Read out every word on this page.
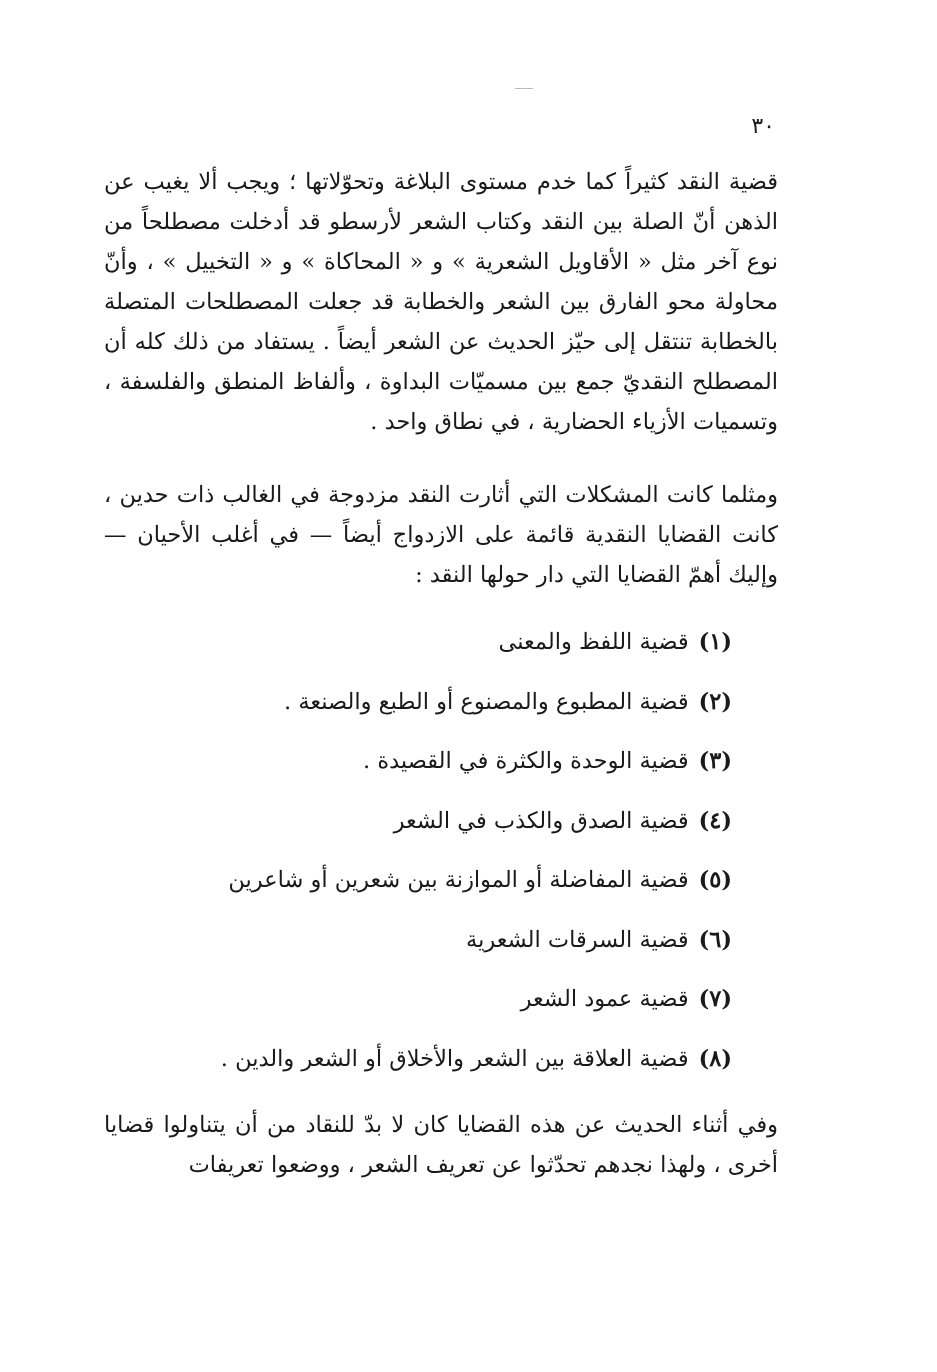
٣٠

قضية النقد كثيراً كما خدم مستوى البلاغة وتحوّلاتها ؛ ويجب ألا يغيب عن الذهن أنّ الصلة بين النقد وكتاب الشعر لأرسطو قد أدخلت مصطلحاً من نوع آخر مثل « الأقاويل الشعرية » و « المحاكاة » و « التخييل » ، وأنّ محاولة محو الفارق بين الشعر والخطابة قد جعلت المصطلحات المتصلة بالخطابة تنتقل إلى حيّز الحديث عن الشعر أيضاً . يستفاد من ذلك كله أن المصطلح النقديّ جمع بين مسميّات البداوة ، وألفاظ المنطق والفلسفة ، وتسميات الأزياء الحضارية ، في نطاق واحد .

ومثلما كانت المشكلات التي أثارت النقد مزدوجة في الغالب ذات حدين ، كانت القضايا النقدية قائمة على الازدواج أيضاً — في أغلب الأحيان — وإليك أهمّ القضايا التي دار حولها النقد :

(١)قضية اللفظ والمعنى
(٢)قضية المطبوع والمصنوع أو الطبع والصنعة .
(٣)قضية الوحدة والكثرة في القصيدة .
(٤)قضية الصدق والكذب في الشعر
(٥)قضية المفاضلة أو الموازنة بين شعرين أو شاعرين
(٦)قضية السرقات الشعرية
(٧)قضية عمود الشعر
(٨)قضية العلاقة بين الشعر والأخلاق أو الشعر والدين .

وفي أثناء الحديث عن هذه القضايا كان لا بدّ للنقاد من أن يتناولوا قضايا أخرى ، ولهذا نجدهم تحدّثوا عن تعريف الشعر ، ووضعوا تعريفات
